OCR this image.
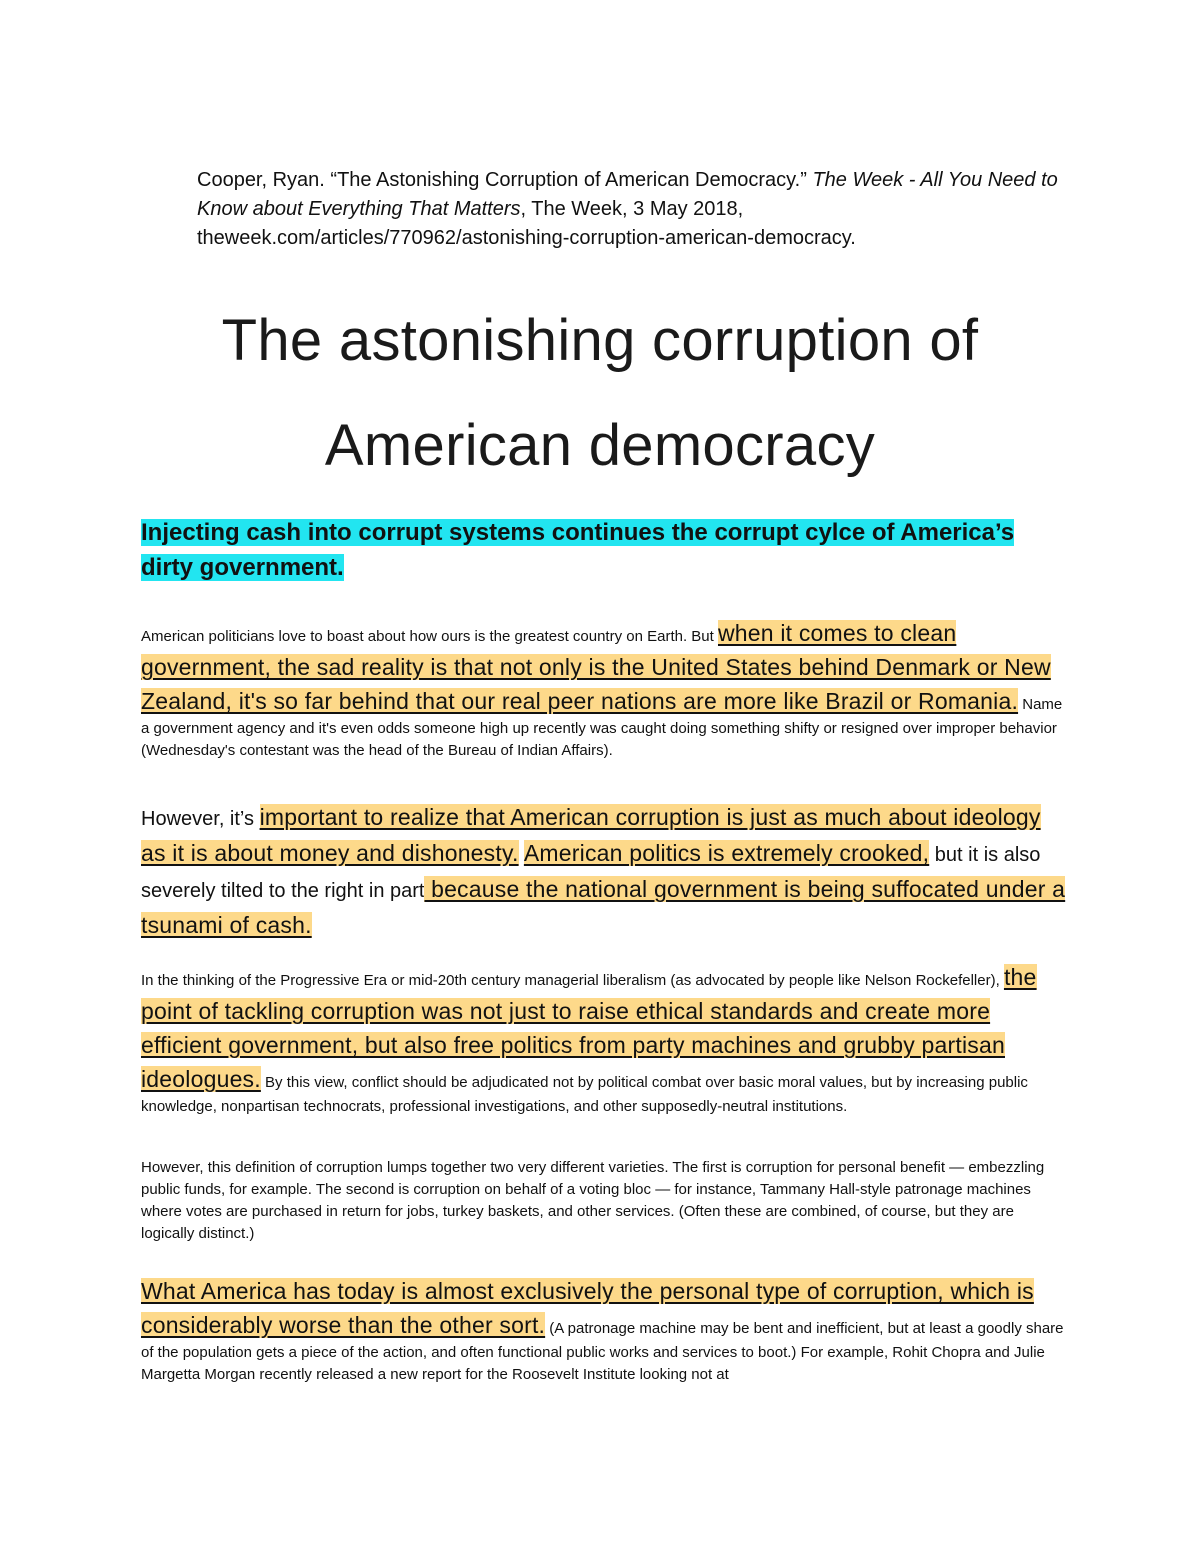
Cooper, Ryan. “The Astonishing Corruption of American Democracy.” The Week - All You Need to Know about Everything That Matters, The Week, 3 May 2018, theweek.com/articles/770962/astonishing-corruption-american-democracy.
The astonishing corruption of American democracy

Injecting cash into corrupt systems continues the corrupt cylce of America’s dirty government.

American politicians love to boast about how ours is the greatest country on Earth. But when it comes to clean government, the sad reality is that not only is the United States behind Denmark or New Zealand, it's so far behind that our real peer nations are more like Brazil or Romania. Name a government agency and it's even odds someone high up recently was caught doing something shifty or resigned over improper behavior (Wednesday's contestant was the head of the Bureau of Indian Affairs).

However, it’s important to realize that American corruption is just as much about ideology as it is about money and dishonesty. American politics is extremely crooked, but it is also severely tilted to the right in part because the national government is being suffocated under a tsunami of cash.

In the thinking of the Progressive Era or mid-20th century managerial liberalism (as advocated by people like Nelson Rockefeller), the point of tackling corruption was not just to raise ethical standards and create more efficient government, but also free politics from party machines and grubby partisan ideologues. By this view, conflict should be adjudicated not by political combat over basic moral values, but by increasing public knowledge, nonpartisan technocrats, professional investigations, and other supposedly-neutral institutions.

However, this definition of corruption lumps together two very different varieties. The first is corruption for personal benefit — embezzling public funds, for example. The second is corruption on behalf of a voting bloc — for instance, Tammany Hall-style patronage machines where votes are purchased in return for jobs, turkey baskets, and other services. (Often these are combined, of course, but they are logically distinct.)

What America has today is almost exclusively the personal type of corruption, which is considerably worse than the other sort. (A patronage machine may be bent and inefficient, but at least a goodly share of the population gets a piece of the action, and often functional public works and services to boot.) For example, Rohit Chopra and Julie Margetta Morgan recently released a new report for the Roosevelt Institute looking not at
